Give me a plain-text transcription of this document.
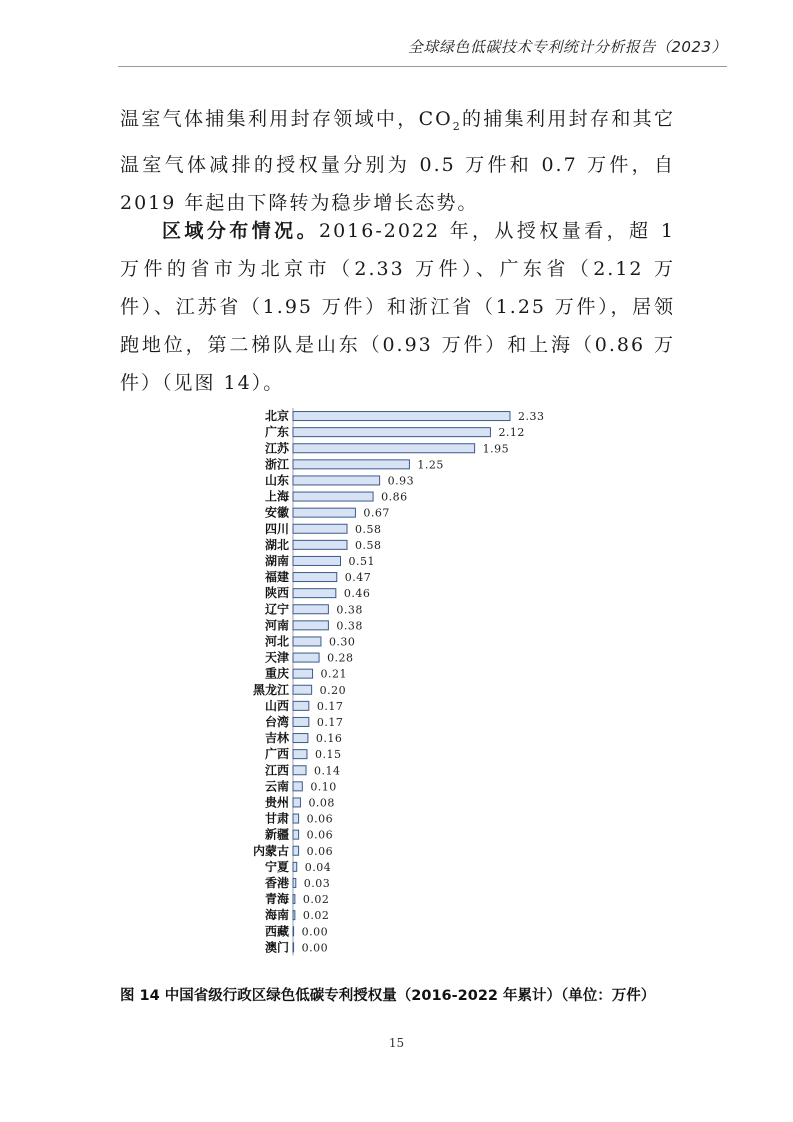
全球绿色低碳技术专利统计分析报告（2023）

温室气体捕集利用封存领域中，$CO_2$的捕集利用封存和其它温室气体减排的授权量分别为 0.5 万件和 0.7 万件，自 2019 年起由下降转为稳步增长态势。

区域分布情况。2016-2022 年，从授权量看，超 1 万件的省市为北京市（2.33 万件）、广东省（2.12 万件）、江苏省（1.95 万件）和浙江省（1.25 万件），居领跑地位，第二梯队是山东（0.93 万件）和上海（0.86 万件）（见图 14）。

北京	2.33
广东	2.12
江苏	1.95
浙江	1.25
山东	0.93
上海	0.86
安徽	0.67
四川	0.58
湖北	0.58
湖南	0.51
福建	0.47
陕西	0.46
辽宁	0.38
河南	0.38
河北	0.30
天津	0.28
重庆	0.21
黑龙江	0.20
山西	0.17
台湾	0.17
吉林 0.16
广西 0.15
江西 0.14
云南 0.10
贵州 0.08
甘肃 0.06
新疆 0.06
内蒙古 0.06
宁夏 0.04
香港 0.03
青海 0.02
海南 0.02
西藏 0.00
澳门 0.00
图 14 中国省级行政区绿色低碳专利授权量（2016-2022 年累计）（单位：万件）
15
